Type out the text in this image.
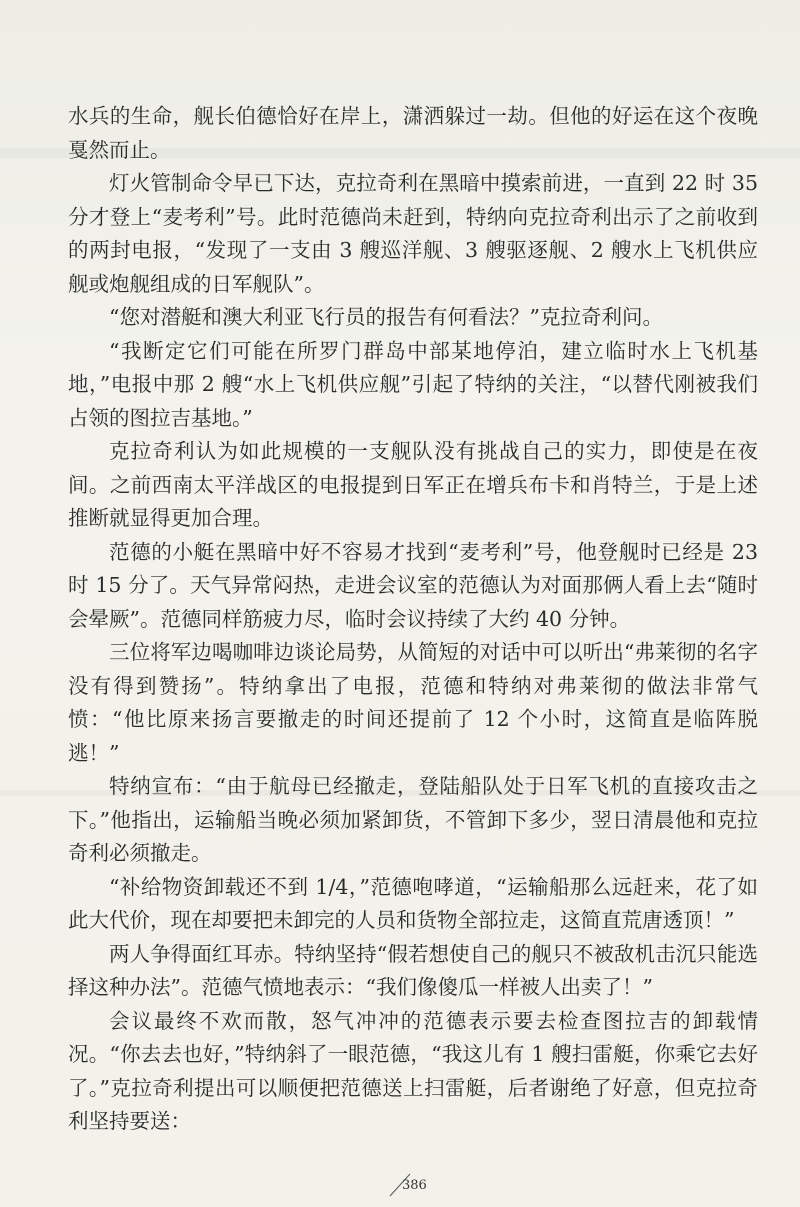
水兵的生命，舰长伯德恰好在岸上，潇洒躲过一劫。但他的好运在这个夜晚戛然而止。

灯火管制命令早已下达，克拉奇利在黑暗中摸索前进，一直到 22 时 35 分才登上“麦考利”号。此时范德尚未赶到，特纳向克拉奇利出示了之前收到的两封电报，“发现了一支由 3 艘巡洋舰、3 艘驱逐舰、2 艘水上飞机供应舰或炮舰组成的日军舰队”。

“您对潜艇和澳大利亚飞行员的报告有何看法？”克拉奇利问。

“我断定它们可能在所罗门群岛中部某地停泊，建立临时水上飞机基地，”电报中那 2 艘“水上飞机供应舰”引起了特纳的关注，“以替代刚被我们占领的图拉吉基地。”

克拉奇利认为如此规模的一支舰队没有挑战自己的实力，即使是在夜间。之前西南太平洋战区的电报提到日军正在增兵布卡和肖特兰，于是上述推断就显得更加合理。

范德的小艇在黑暗中好不容易才找到“麦考利”号，他登舰时已经是 23 时 15 分了。天气异常闷热，走进会议室的范德认为对面那俩人看上去“随时会晕厥”。范德同样筋疲力尽，临时会议持续了大约 40 分钟。

三位将军边喝咖啡边谈论局势，从简短的对话中可以听出“弗莱彻的名字没有得到赞扬”。特纳拿出了电报，范德和特纳对弗莱彻的做法非常气愤：“他比原来扬言要撤走的时间还提前了 12 个小时，这简直是临阵脱逃！”

特纳宣布：“由于航母已经撤走，登陆船队处于日军飞机的直接攻击之下。”他指出，运输船当晚必须加紧卸货，不管卸下多少，翌日清晨他和克拉奇利必须撤走。

“补给物资卸载还不到 1/4，”范德咆哮道，“运输船那么远赶来，花了如此大代价，现在却要把未卸完的人员和货物全部拉走，这简直荒唐透顶！”

两人争得面红耳赤。特纳坚持“假若想使自己的舰只不被敌机击沉只能选择这种办法”。范德气愤地表示：“我们像傻瓜一样被人出卖了！”

会议最终不欢而散，怒气冲冲的范德表示要去检查图拉吉的卸载情况。“你去去也好，”特纳斜了一眼范德，“我这儿有 1 艘扫雷艇，你乘它去好了。”克拉奇利提出可以顺便把范德送上扫雷艇，后者谢绝了好意，但克拉奇利坚持要送：

386
